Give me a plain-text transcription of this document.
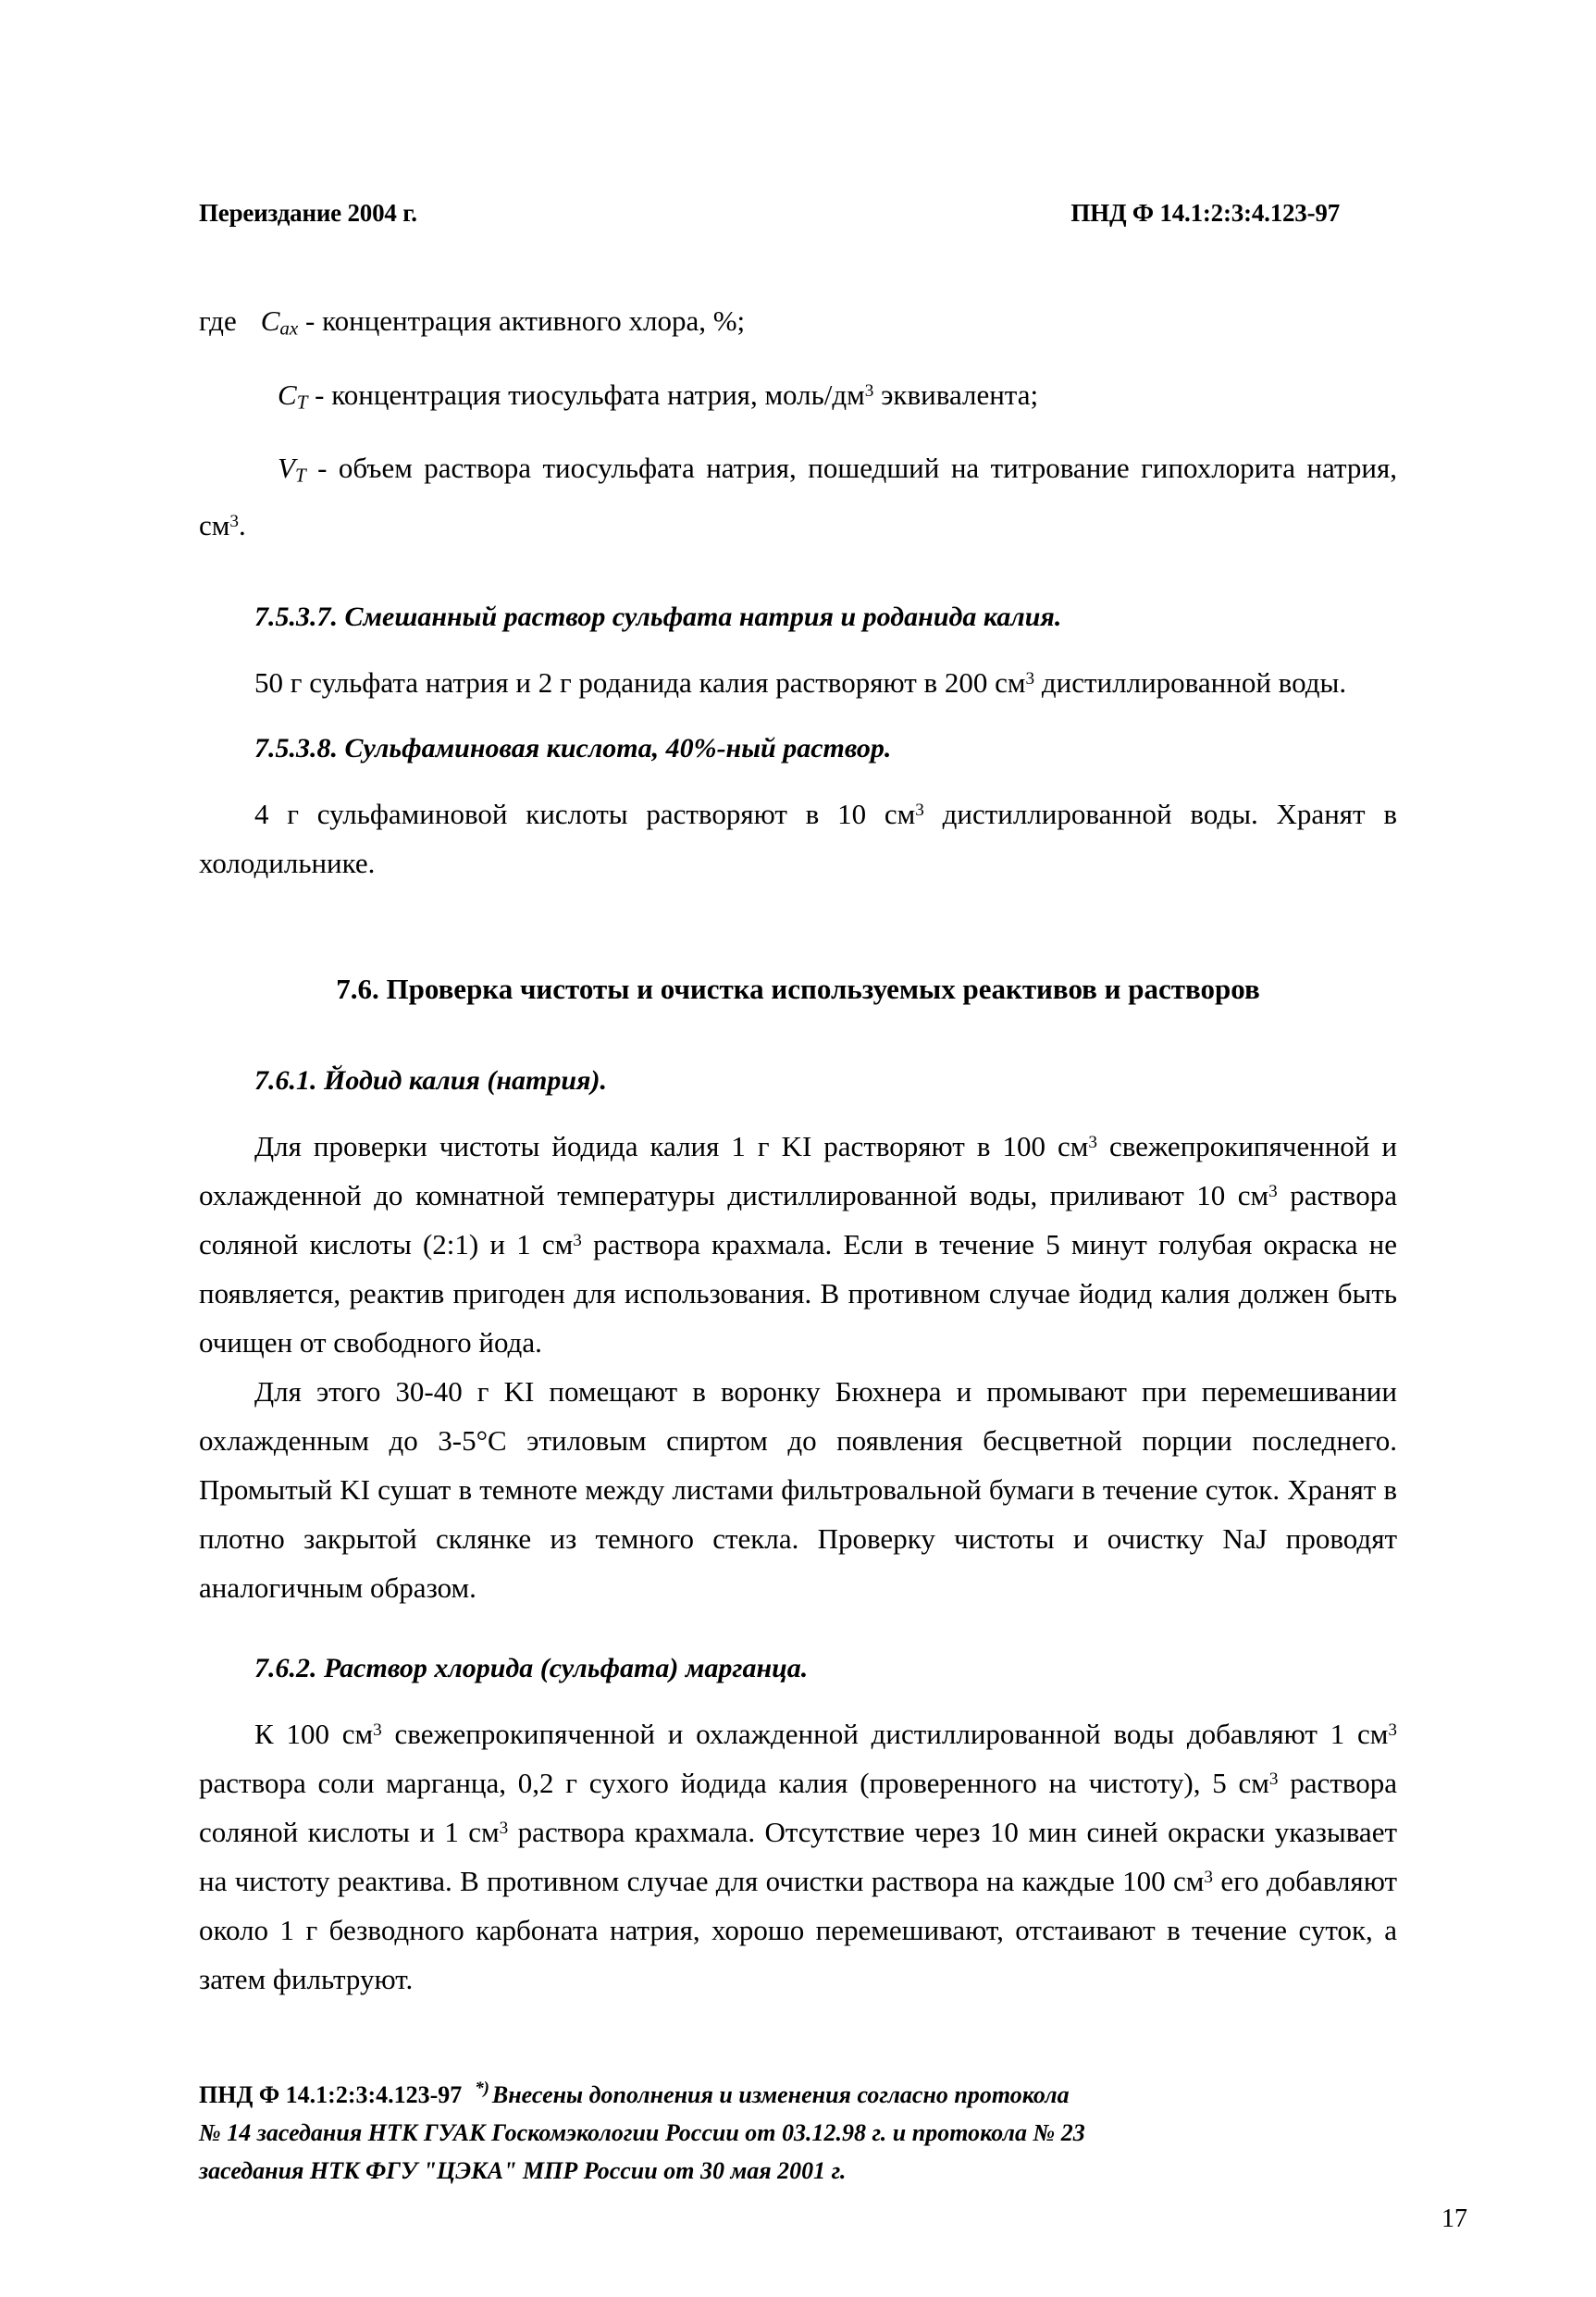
Переиздание 2004 г.	ПНД Ф 14.1:2:3:4.123-97

где $C_{ax}$ - концентрация активного хлора, %;

$C_T$ - концентрация тиосульфата натрия, моль/$дм^3$ эквивалента;

$V_T$ - объем раствора тиосульфата натрия, пошедший на титрование гипохлорита натрия, $см^3$.

7.5.3.7. Смешанный раствор сульфата натрия и роданида калия.

50 г сульфата натрия и 2 г роданида калия растворяют в 200 $см^3$ дистиллированной воды.

7.5.3.8. Сульфаминовая кислота, 40%-ный раствор.

4 г сульфаминовой кислоты растворяют в 10 $см^3$ дистиллированной воды. Хранят в холодильнике.

7.6. Проверка чистоты и очистка используемых реактивов и растворов
7.6.1. Йодид калия (натрия).

Для проверки чистоты йодида калия 1 г KI растворяют в 100 $см^3$ свежепрокипяченной и охлажденной до комнатной температуры дистиллированной воды, приливают 10 $см^3$ раствора соляной кислоты (2:1) и 1 $см^3$ раствора крахмала. Если в течение 5 минут голубая окраска не появляется, реактив пригоден для использования. В противном случае йодид калия должен быть очищен от свободного йода.

Для этого 30-40 г KI помещают в воронку Бюхнера и промывают при перемешивании охлажденным до 3-5°C этиловым спиртом до появления бесцветной порции последнего. Промытый KI сушат в темноте между листами фильтровальной бумаги в течение суток. Хранят в плотно закрытой склянке из темного стекла. Проверку чистоты и очистку NaJ проводят аналогичным образом.

7.6.2. Раствор хлорида (сульфата) марганца.

К 100 $см^3$ свежепрокипяченной и охлажденной дистиллированной воды добавляют 1 $см^3$ раствора соли марганца, 0,2 г сухого йодида калия (проверенного на чистоту), 5 $см^3$ раствора соляной кислоты и 1 $см^3$ раствора крахмала. Отсутствие через 10 мин синей окраски указывает на чистоту реактива. В противном случае для очистки раствора на каждые 100 $см^3$ его добавляют около 1 г безводного карбоната натрия, хорошо перемешивают, отстаивают в течение суток, а затем фильтруют.

ПНД Ф 14.1:2:3:4.123-97 *) Внесены дополнения и изменения согласно протокола
№ 14 заседания НТК ГУАК Госкомэкологии России от 03.12.98 г. и протокола № 23
заседания НТК ФГУ "ЦЭКА" МПР России от 30 мая 2001 г.
17
